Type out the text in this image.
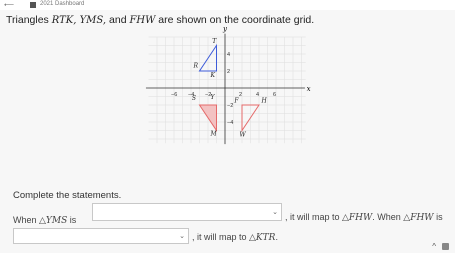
⟵	2021 Dashboard
Triangles RTK, YMS, and FHW are shown on the coordinate grid.
x
y
−6 −4 −2	2	4	6
4
2
−2
−4
T
R
K
Y
S
M
F	H
W
Complete the statements.
When △YMS is
⌄ , it will map to △FHW. When △FHW is
⌄ , it will map to △KTR.
^
